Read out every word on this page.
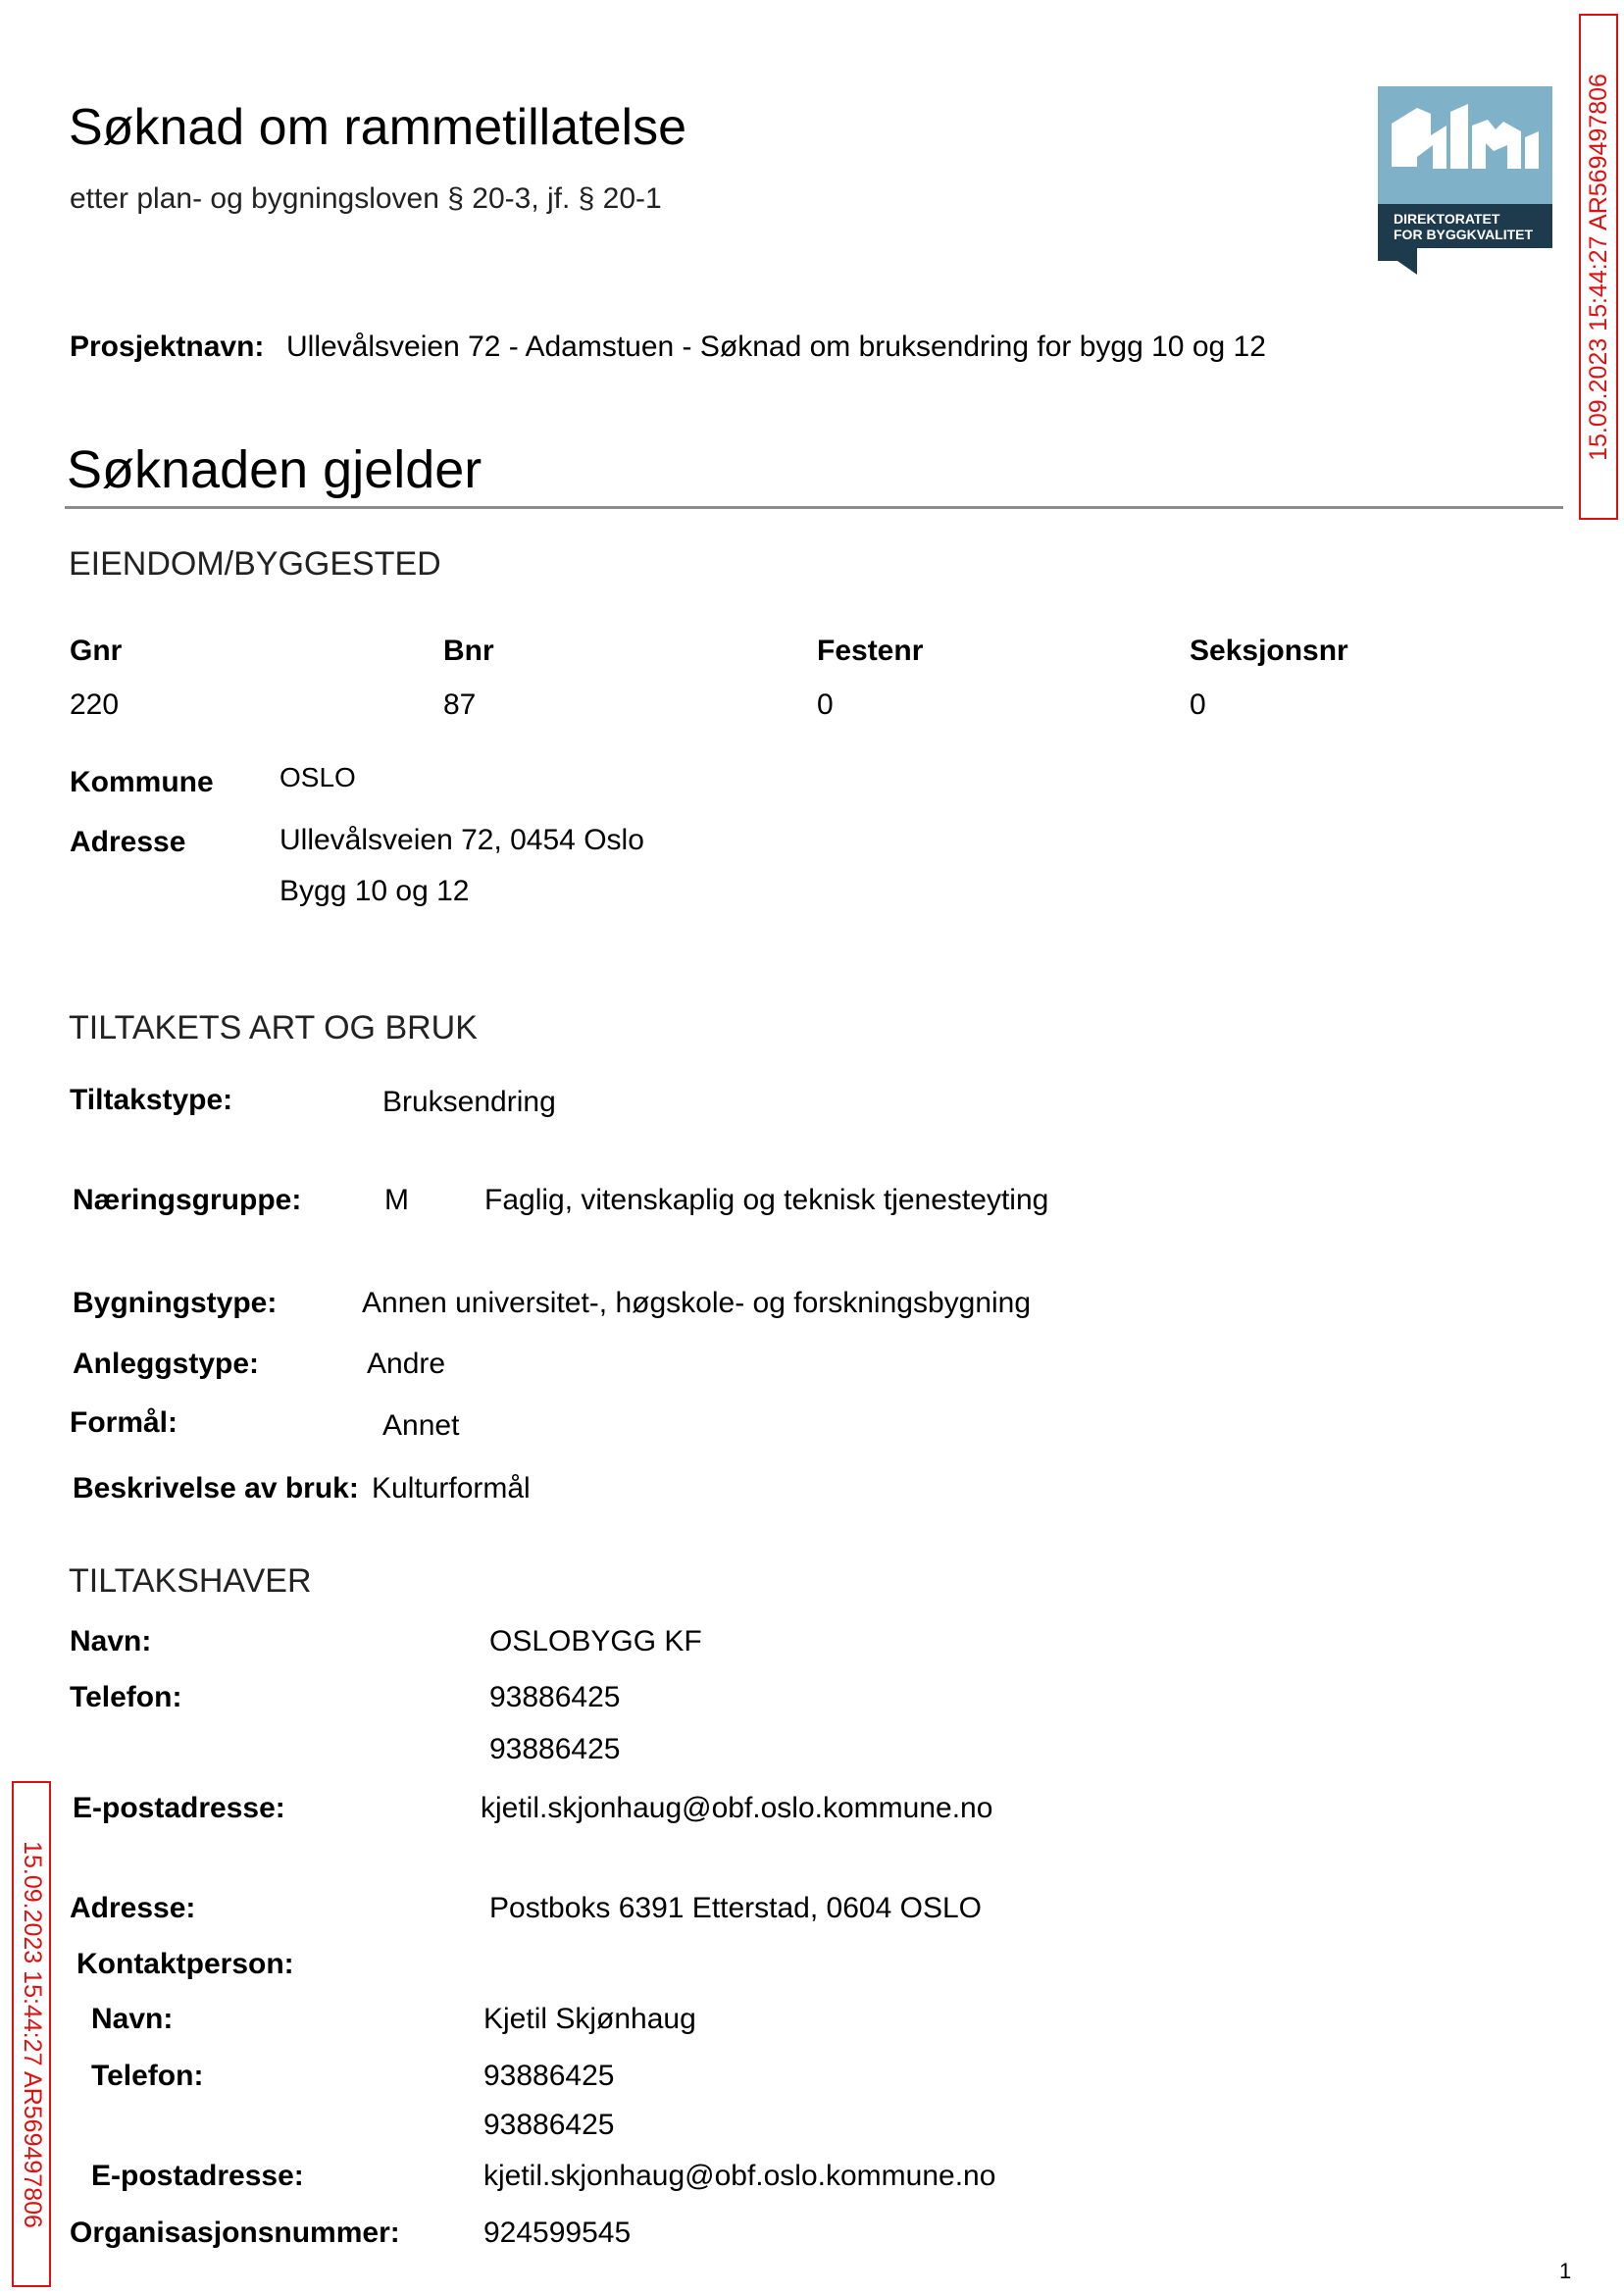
Søknad om rammetillatelse
etter plan- og bygningsloven § 20-3, jf. § 20-1
DIREKTORATET
FOR BYGGKVALITET
Prosjektnavn: Ullevålsveien 72 - Adamstuen - Søknad om bruksendring for bygg 10 og 12
Søknaden gjelder
EIENDOM/BYGGESTED
Gnr	Bnr	Festenr	Seksjonsnr
220	87	0	0
Kommune OSLO
Adresse	Ullevålsveien 72, 0454 Oslo
Bygg 10 og 12
TILTAKETS ART OG BRUK
Tiltakstype:	Bruksendring
Næringsgruppe:	M	Faglig, vitenskaplig og teknisk tjenesteyting
Bygningstype:	Annen universitet-, høgskole- og forskningsbygning
Anleggstype:	Andre
Formål:	Annet
Beskrivelse av bruk: Kulturformål
TILTAKSHAVER
Navn:	OSLOBYGG KF
Telefon:	93886425
93886425
E-postadresse:	kjetil.skjonhaug@obf.oslo.kommune.no
Adresse:	Postboks 6391 Etterstad, 0604 OSLO
Kontaktperson:
Navn:	Kjetil Skjønhaug
Telefon:	93886425
93886425
E-postadresse:	kjetil.skjonhaug@obf.oslo.kommune.no
Organisasjonsnummer:	924599545
1
15.09.2023 15:44:27 AR569497806
15.09.2023 15:44:27 AR569497806
